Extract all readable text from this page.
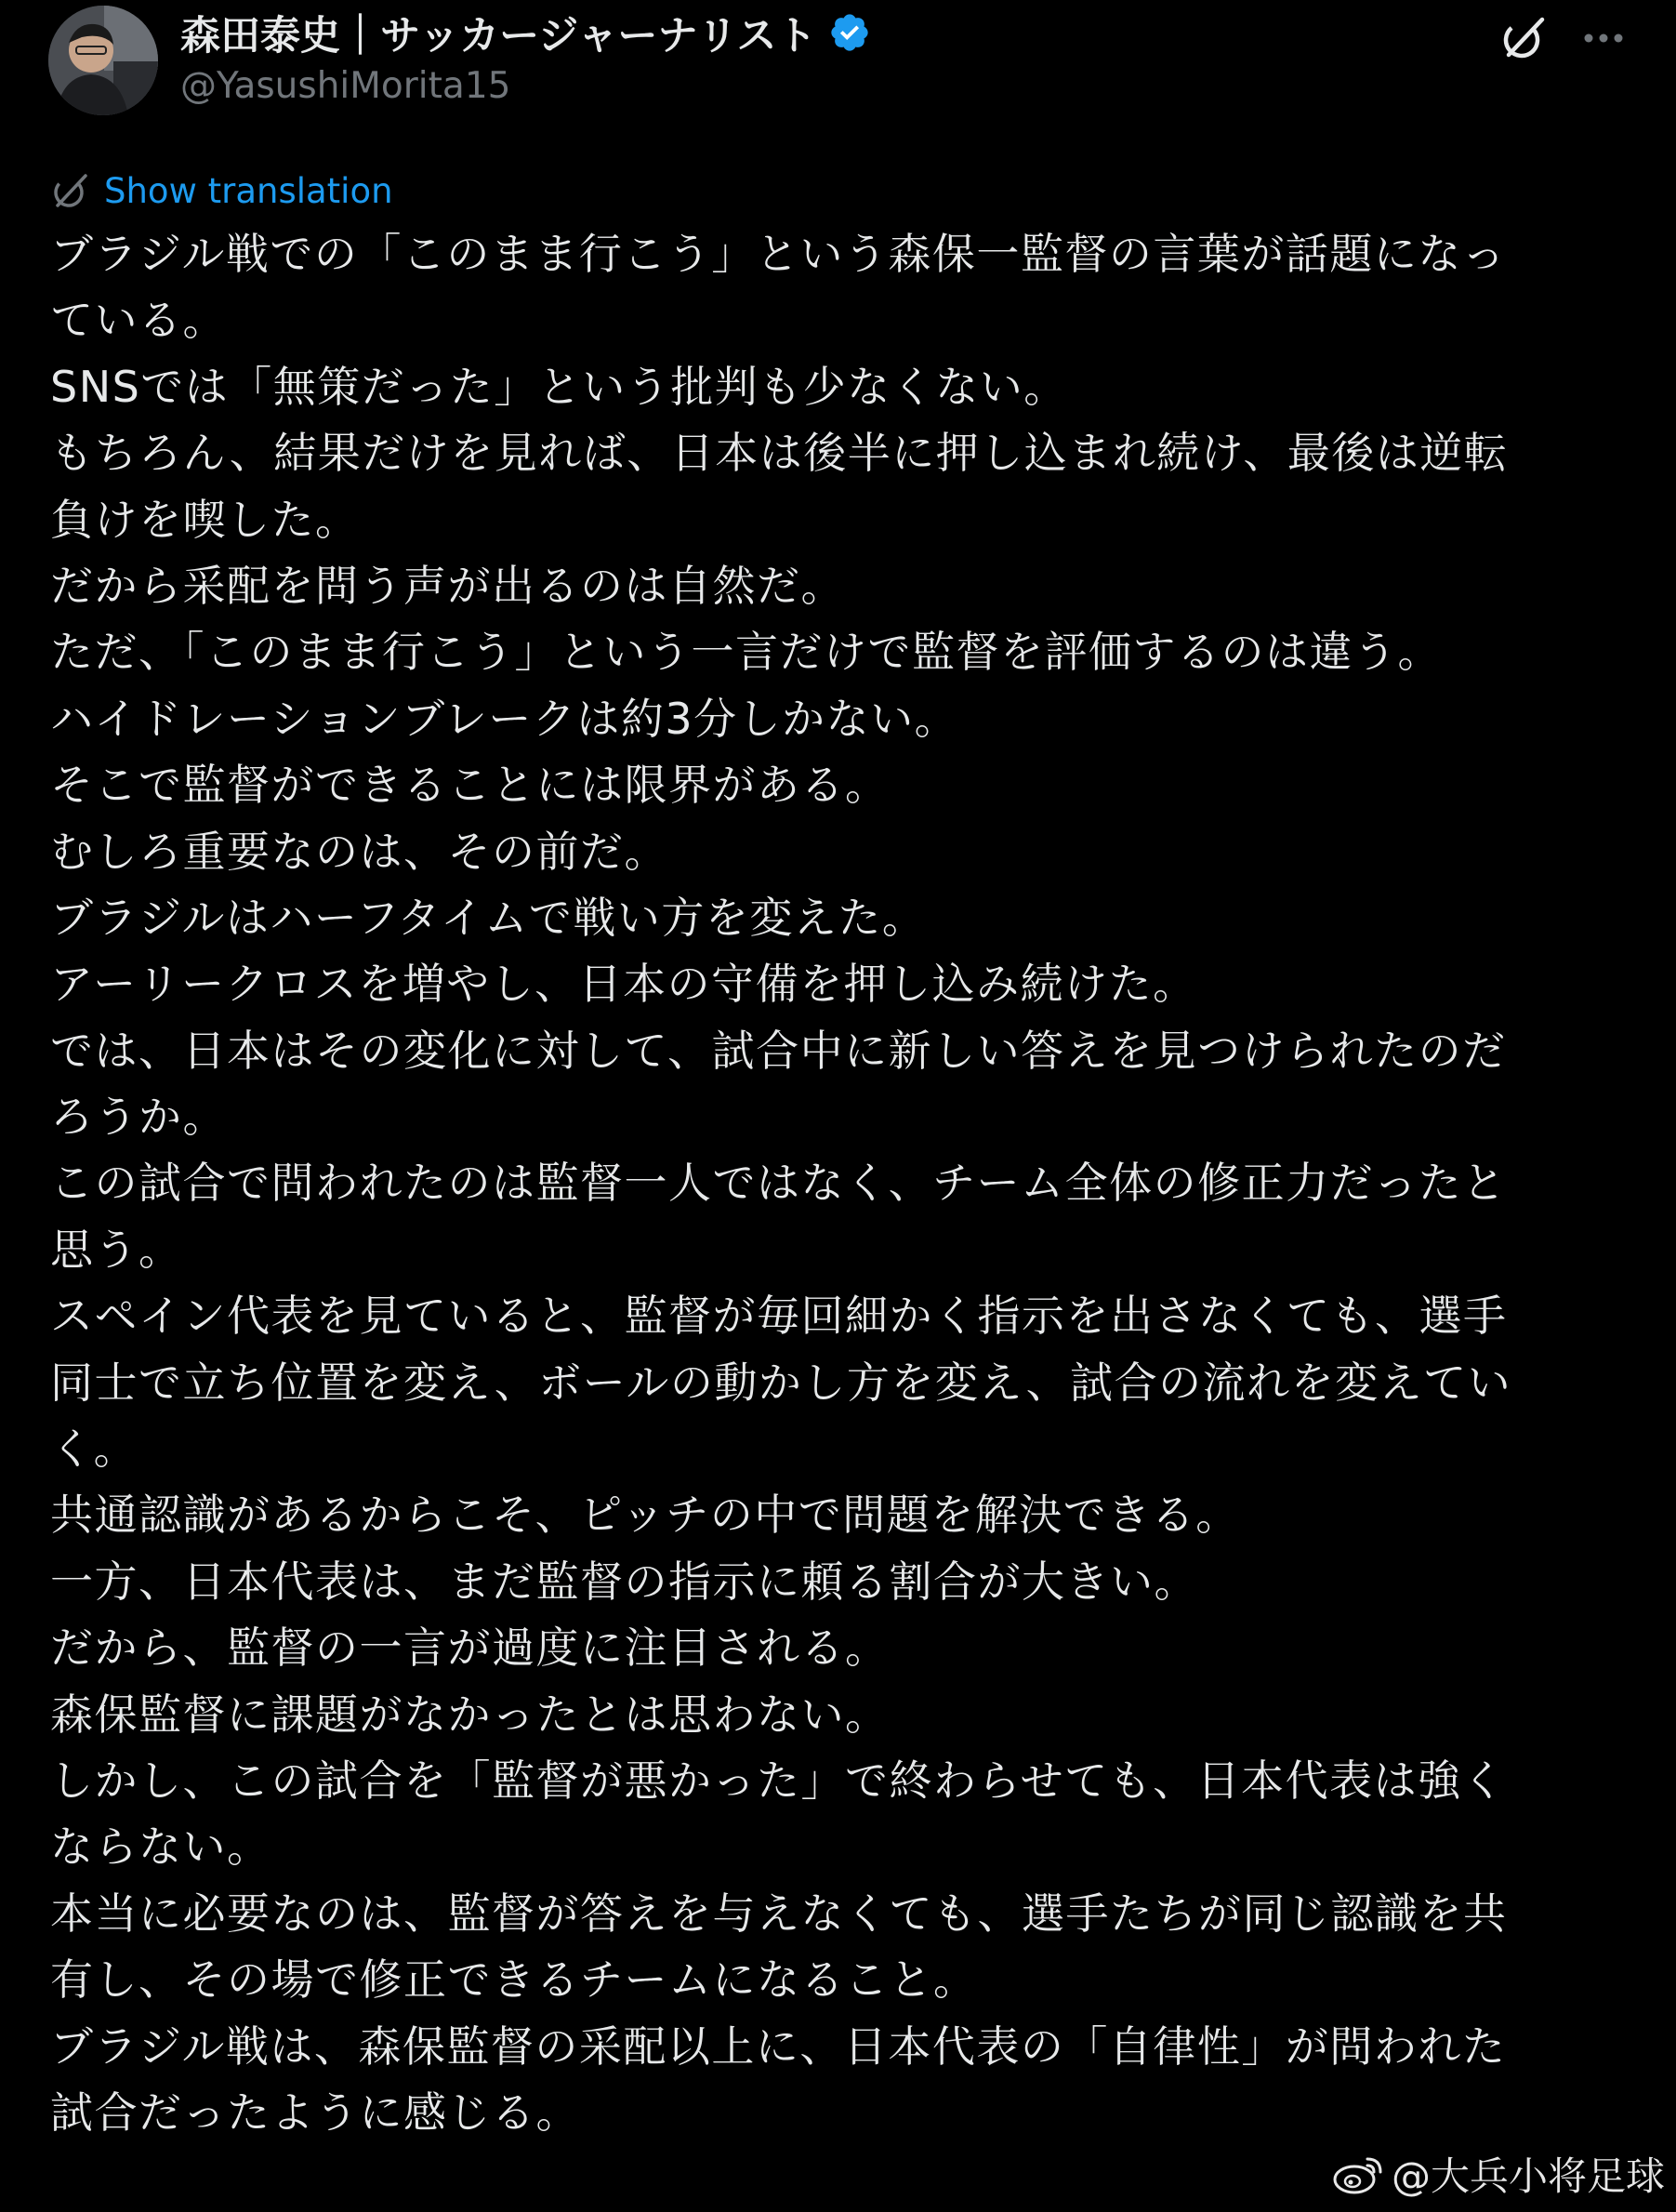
森田泰史｜サッカージャーナリスト
@YasushiMorita15
Show translation
ブラジル戦での「このまま行こう」という森保一監督の言葉が話題になっ
ている。
SNSでは「無策だった」という批判も少なくない。
もちろん、結果だけを見れば、日本は後半に押し込まれ続け、最後は逆転
負けを喫した。
だから采配を問う声が出るのは自然だ。
ただ、「このまま行こう」という一言だけで監督を評価するのは違う。
ハイドレーションブレークは約3分しかない。
そこで監督ができることには限界がある。
むしろ重要なのは、その前だ。
ブラジルはハーフタイムで戦い方を変えた。
アーリークロスを増やし、日本の守備を押し込み続けた。
では、日本はその変化に対して、試合中に新しい答えを見つけられたのだ
ろうか。
この試合で問われたのは監督一人ではなく、チーム全体の修正力だったと
思う。
スペイン代表を見ていると、監督が毎回細かく指示を出さなくても、選手
同士で立ち位置を変え、ボールの動かし方を変え、試合の流れを変えてい
く。
共通認識があるからこそ、ピッチの中で問題を解決できる。
一方、日本代表は、まだ監督の指示に頼る割合が大きい。
だから、監督の一言が過度に注目される。
森保監督に課題がなかったとは思わない。
しかし、この試合を「監督が悪かった」で終わらせても、日本代表は強く
ならない。
本当に必要なのは、監督が答えを与えなくても、選手たちが同じ認識を共
有し、その場で修正できるチームになること。
ブラジル戦は、森保監督の采配以上に、日本代表の「自律性」が問われた
試合だったように感じる。
@大兵小将足球
